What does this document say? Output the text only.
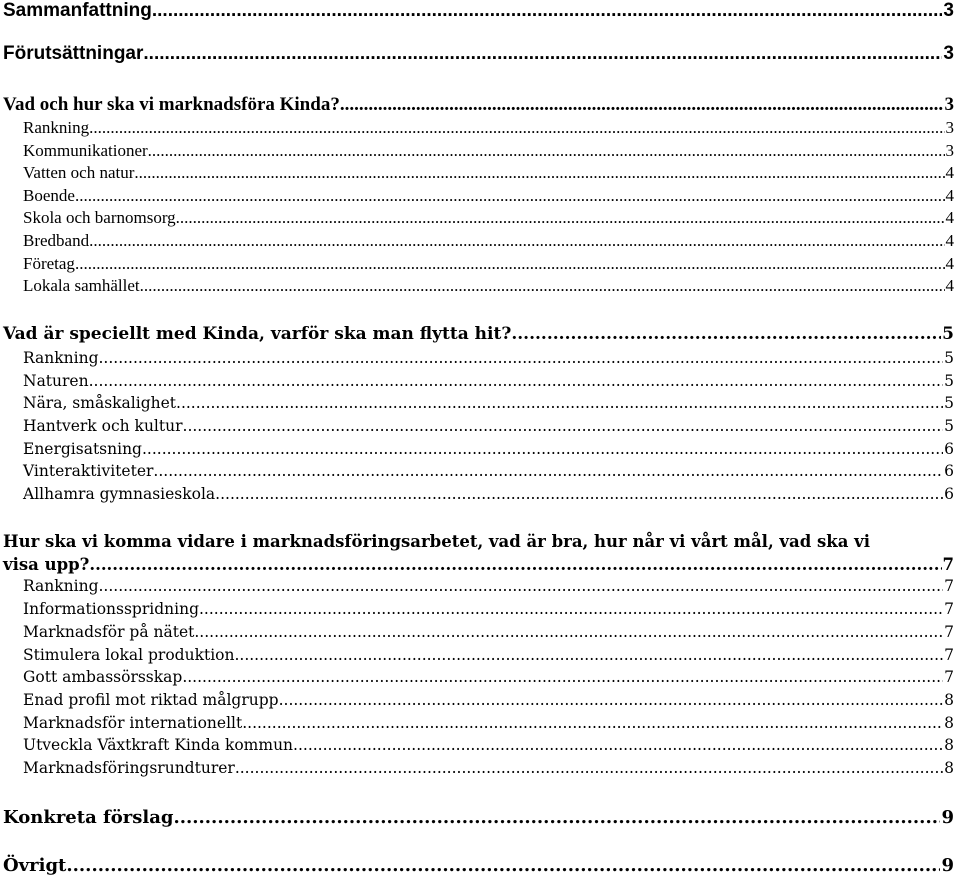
Sammanfattning .....	3
Förutsättningar .....	3
Vad och hur ska vi marknadsföra Kinda? .....	3
Rankning .....	3
Kommunikationer .....	3
Vatten och natur .....	4
Boende .....	4
Skola och barnomsorg .....	4
Bredband .....	4
Företag .....	4
Lokala samhället .....	4
Vad är speciellt med Kinda, varför ska man flytta hit? .....	5
Rankning .....	5
Naturen .....	5
Nära, småskalighet .....	5
Hantverk och kultur .....	5
Energisatsning .....	6
Vinteraktiviteter .....	6
Allhamra gymnasieskola .....	6
Hur ska vi komma vidare i marknadsföringsarbetet, vad är bra, hur når vi vårt mål, vad ska vi
visa upp? .....	7
Rankning .....	7
Informationsspridning .....	7
Marknadsför på nätet .....	7
Stimulera lokal produktion .....	7
Gott ambassörsskap .....	7
Enad profil mot riktad målgrupp .....	8
Marknadsför internationellt .....	8
Utveckla Växtkraft Kinda kommun .....	8
Marknadsföringsrundturer .....	8
Konkreta förslag .....	9
Övrigt .....	9
